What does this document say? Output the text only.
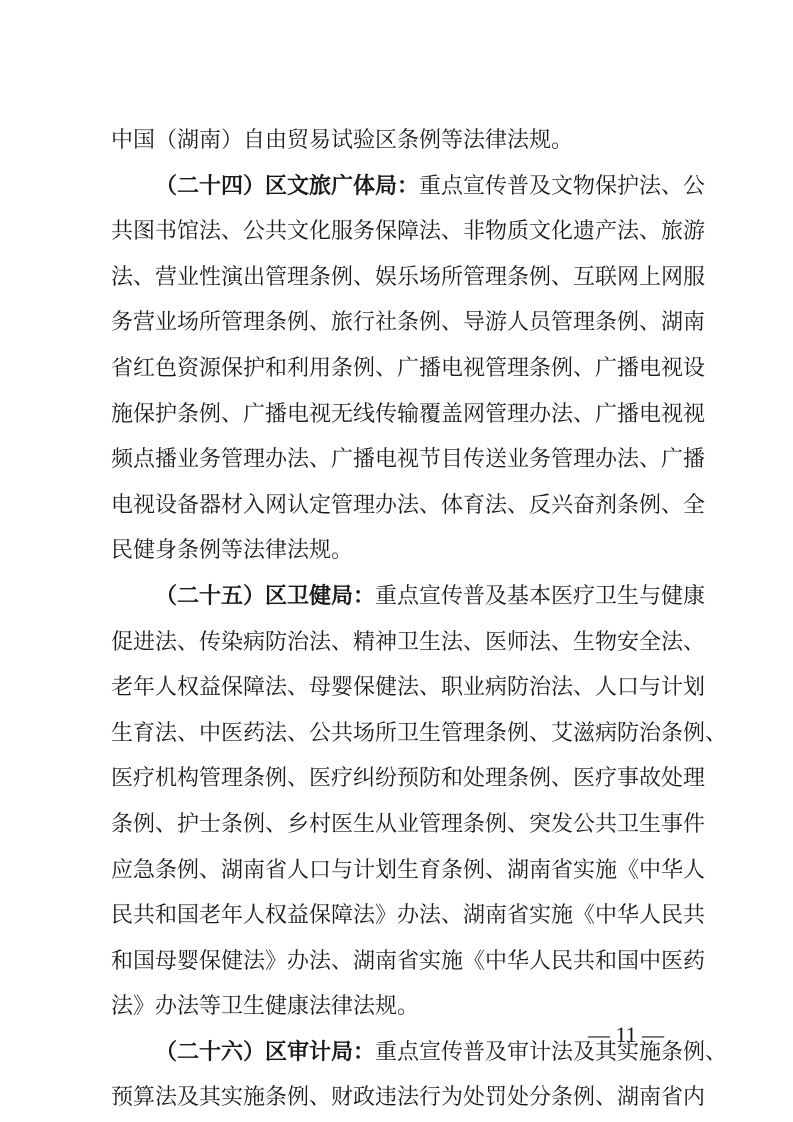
中国（湖南）自由贸易试验区条例等法律法规。
（二十四）区文旅广体局：重点宣传普及文物保护法、公
共图书馆法、公共文化服务保障法、非物质文化遗产法、旅游
法、营业性演出管理条例、娱乐场所管理条例、互联网上网服
务营业场所管理条例、旅行社条例、导游人员管理条例、湖南
省红色资源保护和利用条例、广播电视管理条例、广播电视设
施保护条例、广播电视无线传输覆盖网管理办法、广播电视视
频点播业务管理办法、广播电视节目传送业务管理办法、广播
电视设备器材入网认定管理办法、体育法、反兴奋剂条例、全
民健身条例等法律法规。
（二十五）区卫健局：重点宣传普及基本医疗卫生与健康
促进法、传染病防治法、精神卫生法、医师法、生物安全法、
老年人权益保障法、母婴保健法、职业病防治法、人口与计划
生育法、中医药法、公共场所卫生管理条例、艾滋病防治条例、
医疗机构管理条例、医疗纠纷预防和处理条例、医疗事故处理
条例、护士条例、乡村医生从业管理条例、突发公共卫生事件
应急条例、湖南省人口与计划生育条例、湖南省实施《中华人
民共和国老年人权益保障法》办法、湖南省实施《中华人民共
和国母婴保健法》办法、湖南省实施《中华人民共和国中医药
法》办法等卫生健康法律法规。
（二十六）区审计局：重点宣传普及审计法及其实施条例、
预算法及其实施条例、财政违法行为处罚处分条例、湖南省内
— 11 —
